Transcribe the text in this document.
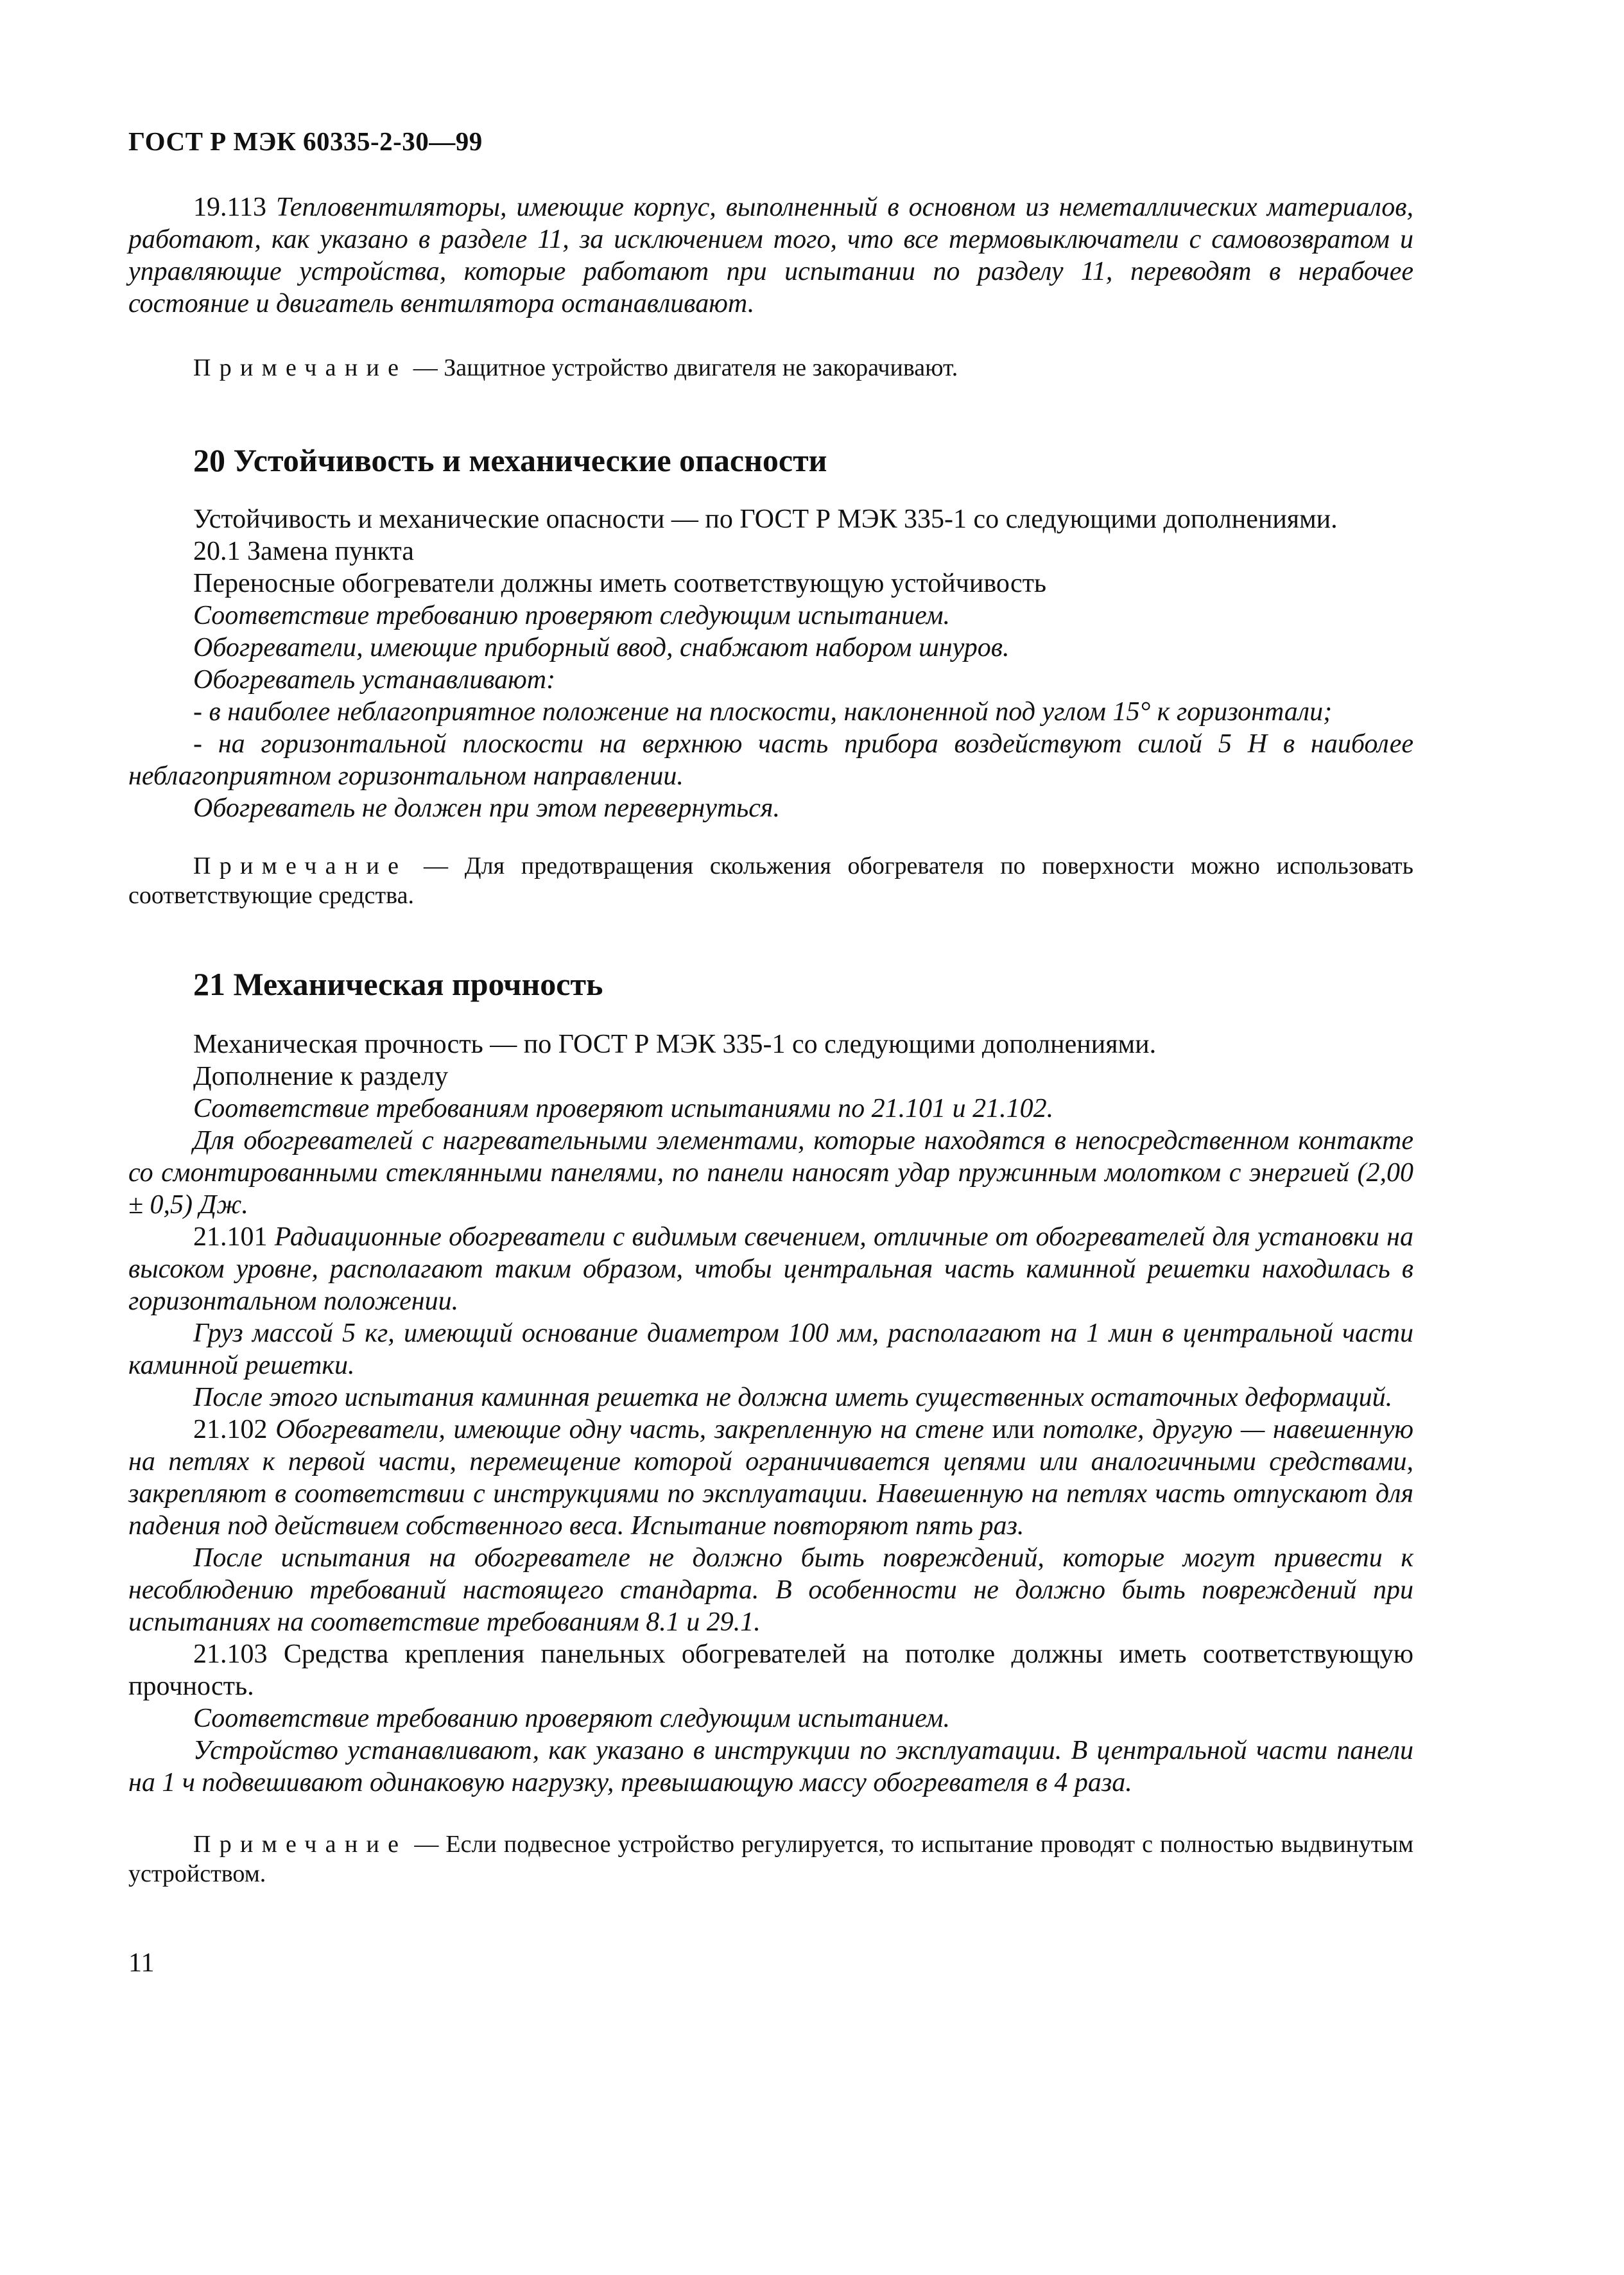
ГОСТ Р МЭК 60335-2-30—99

19.113 Тепловентиляторы, имеющие корпус, выполненный в основном из неметаллических материалов, работают, как указано в разделе 11, за исключением того, что все термовыключатели с самовозвратом и управляющие устройства, которые работают при испытании по разделу 11, переводят в нерабочее состояние и двигатель вентилятора останавливают.

Примечание — Защитное устройство двигателя не закорачивают.

20 Устойчивость и механические опасности

Устойчивость и механические опасности — по ГОСТ Р МЭК 335-1 со следующими дополнениями.

20.1 Замена пункта

Переносные обогреватели должны иметь соответствующую устойчивость

Соответствие требованию проверяют следующим испытанием.

Обогреватели, имеющие приборный ввод, снабжают набором шнуров.

Обогреватель устанавливают:

- в наиболее неблагоприятное положение на плоскости, наклоненной под углом 15° к горизонтали;

- на горизонтальной плоскости на верхнюю часть прибора воздействуют силой 5 Н в наиболее неблагоприятном горизонтальном направлении.

Обогреватель не должен при этом перевернуться.

Примечание — Для предотвращения скольжения обогревателя по поверхности можно использовать соответствующие средства.

21 Механическая прочность

Механическая прочность — по ГОСТ Р МЭК 335-1 со следующими дополнениями.

Дополнение к разделу

Соответствие требованиям проверяют испытаниями по 21.101 и 21.102.

Для обогревателей с нагревательными элементами, которые находятся в непосредственном контакте со смонтированными стеклянными панелями, по панели наносят удар пружинным молотком с энергией (2,00 ± 0,5) Дж.

21.101 Радиационные обогреватели с видимым свечением, отличные от обогревателей для установки на высоком уровне, располагают таким образом, чтобы центральная часть каминной решетки находилась в горизонтальном положении.

Груз массой 5 кг, имеющий основание диаметром 100 мм, располагают на 1 мин в центральной части каминной решетки.

После этого испытания каминная решетка не должна иметь существенных остаточных деформаций.

21.102 Обогреватели, имеющие одну часть, закрепленную на стене или потолке, другую — навешенную на петлях к первой части, перемещение которой ограничивается цепями или аналогичными средствами, закрепляют в соответствии с инструкциями по эксплуатации. Навешенную на петлях часть отпускают для падения под действием собственного веса. Испытание повторяют пять раз.

После испытания на обогревателе не должно быть повреждений, которые могут привести к несоблюдению требований настоящего стандарта. В особенности не должно быть повреждений при испытаниях на соответствие требованиям 8.1 и 29.1.

21.103 Средства крепления панельных обогревателей на потолке должны иметь соответствующую прочность.

Соответствие требованию проверяют следующим испытанием.

Устройство устанавливают, как указано в инструкции по эксплуатации. В центральной части панели на 1 ч подвешивают одинаковую нагрузку, превышающую массу обогревателя в 4 раза.

Примечание — Если подвесное устройство регулируется, то испытание проводят с полностью выдвинутым устройством.

11
